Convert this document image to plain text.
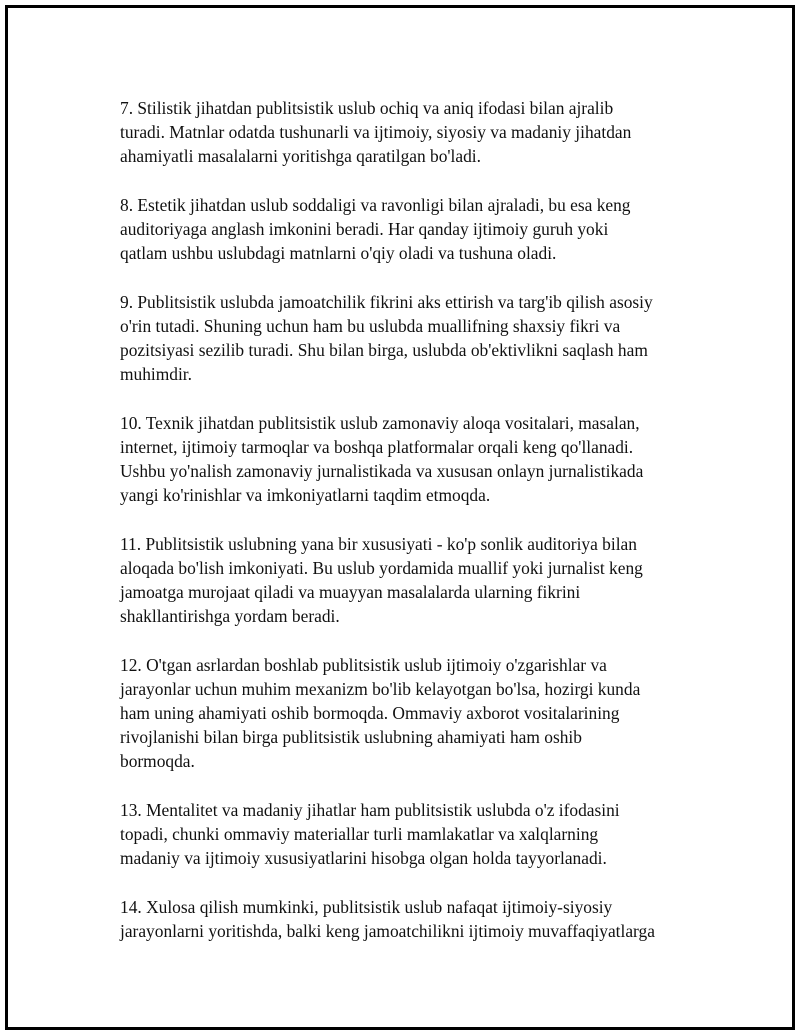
7. Stilistik jihatdan publitsistik uslub ochiq va aniq ifodasi bilan ajralib
turadi. Matnlar odatda tushunarli va ijtimoiy, siyosiy va madaniy jihatdan
ahamiyatli masalalarni yoritishga qaratilgan bo'ladi.

8. Estetik jihatdan uslub soddaligi va ravonligi bilan ajraladi, bu esa keng
auditoriyaga anglash imkonini beradi. Har qanday ijtimoiy guruh yoki
qatlam ushbu uslubdagi matnlarni o'qiy oladi va tushuna oladi.

9. Publitsistik uslubda jamoatchilik fikrini aks ettirish va targ'ib qilish asosiy
o'rin tutadi. Shuning uchun ham bu uslubda muallifning shaxsiy fikri va
pozitsiyasi sezilib turadi. Shu bilan birga, uslubda ob'ektivlikni saqlash ham
muhimdir.

10. Texnik jihatdan publitsistik uslub zamonaviy aloqa vositalari, masalan,
internet, ijtimoiy tarmoqlar va boshqa platformalar orqali keng qo'llanadi.
Ushbu yo'nalish zamonaviy jurnalistikada va xususan onlayn jurnalistikada
yangi ko'rinishlar va imkoniyatlarni taqdim etmoqda.

11. Publitsistik uslubning yana bir xususiyati - ko'p sonlik auditoriya bilan
aloqada bo'lish imkoniyati. Bu uslub yordamida muallif yoki jurnalist keng
jamoatga murojaat qiladi va muayyan masalalarda ularning fikrini
shakllantirishga yordam beradi.

12. O'tgan asrlardan boshlab publitsistik uslub ijtimoiy o'zgarishlar va
jarayonlar uchun muhim mexanizm bo'lib kelayotgan bo'lsa, hozirgi kunda
ham uning ahamiyati oshib bormoqda. Ommaviy axborot vositalarining
rivojlanishi bilan birga publitsistik uslubning ahamiyati ham oshib
bormoqda.

13. Mentalitet va madaniy jihatlar ham publitsistik uslubda o'z ifodasini
topadi, chunki ommaviy materiallar turli mamlakatlar va xalqlarning
madaniy va ijtimoiy xususiyatlarini hisobga olgan holda tayyorlanadi.

14. Xulosa qilish mumkinki, publitsistik uslub nafaqat ijtimoiy-siyosiy
jarayonlarni yoritishda, balki keng jamoatchilikni ijtimoiy muvaffaqiyatlarga
